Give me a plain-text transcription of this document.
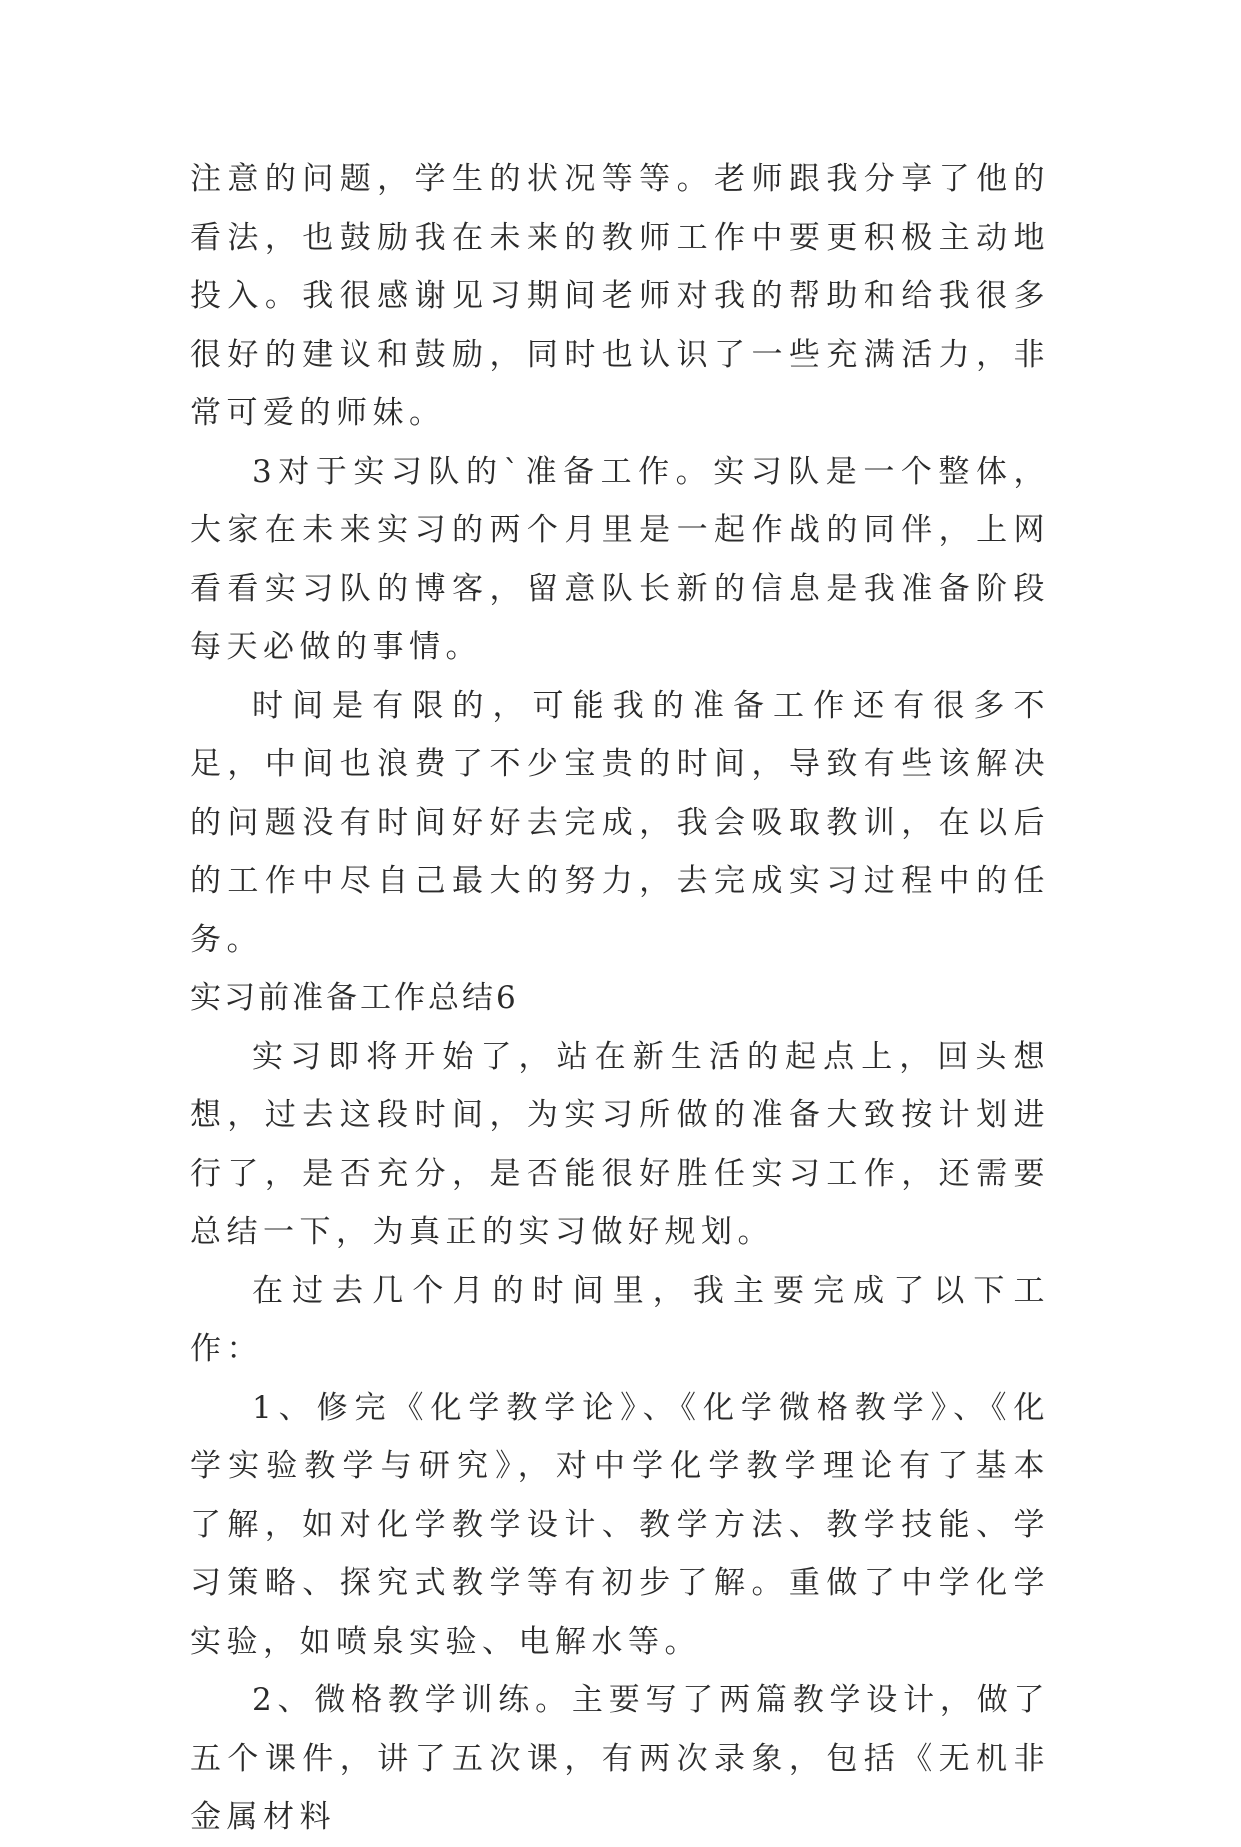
注意的问题，学生的状况等等。老师跟我分享了他的看法，也鼓励我在未来的教师工作中要更积极主动地投入。我很感谢见习期间老师对我的帮助和给我很多很好的建议和鼓励，同时也认识了一些充满活力，非常可爱的师妹。

3对于实习队的`准备工作。实习队是一个整体，大家在未来实习的两个月里是一起作战的同伴，上网看看实习队的博客，留意队长新的信息是我准备阶段每天必做的事情。

时间是有限的，可能我的准备工作还有很多不足，中间也浪费了不少宝贵的时间，导致有些该解决的问题没有时间好好去完成，我会吸取教训，在以后的工作中尽自己最大的努力，去完成实习过程中的任务。

实习前准备工作总结6

实习即将开始了，站在新生活的起点上，回头想想，过去这段时间，为实习所做的准备大致按计划进行了，是否充分，是否能很好胜任实习工作，还需要总结一下，为真正的实习做好规划。

在过去几个月的时间里，我主要完成了以下工作：

1、修完《化学教学论》、《化学微格教学》、《化学实验教学与研究》，对中学化学教学理论有了基本了解，如对化学教学设计、教学方法、教学技能、学习策略、探究式教学等有初步了解。重做了中学化学实验，如喷泉实验、电解水等。

2、微格教学训练。主要写了两篇教学设计，做了五个课件，讲了五次课，有两次录象，包括《无机非金属材料
